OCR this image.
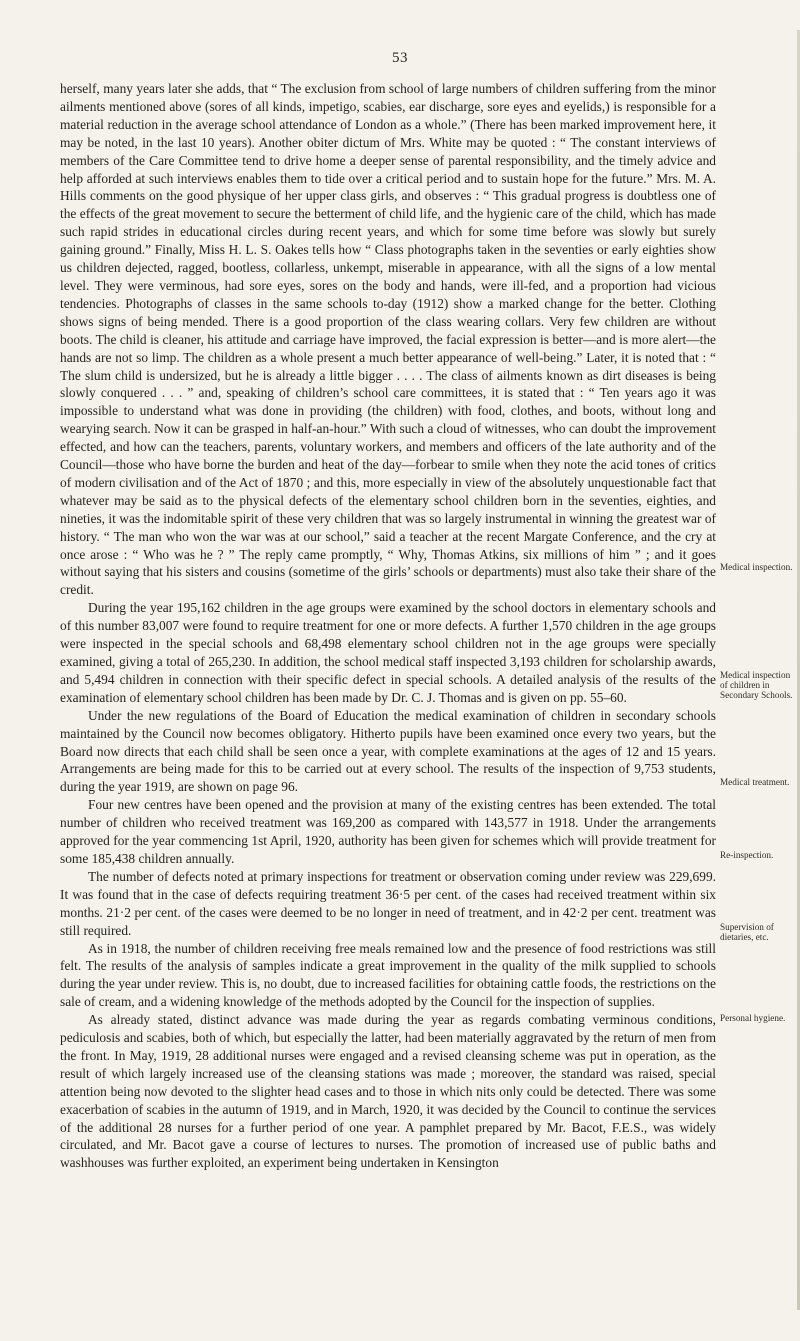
53

herself, many years later she adds, that “ The exclusion from school of large numbers of children suffering from the minor ailments mentioned above (sores of all kinds, impetigo, scabies, ear discharge, sore eyes and eyelids,) is responsible for a material reduction in the average school attendance of London as a whole.” (There has been marked improvement here, it may be noted, in the last 10 years). Another obiter dictum of Mrs. White may be quoted : “ The constant interviews of members of the Care Committee tend to drive home a deeper sense of parental responsibility, and the timely advice and help afforded at such interviews enables them to tide over a critical period and to sustain hope for the future.” Mrs. M. A. Hills comments on the good physique of her upper class girls, and observes : “ This gradual progress is doubtless one of the effects of the great movement to secure the betterment of child life, and the hygienic care of the child, which has made such rapid strides in educational circles during recent years, and which for some time before was slowly but surely gaining ground.” Finally, Miss H. L. S. Oakes tells how “ Class photographs taken in the seventies or early eighties show us children dejected, ragged, bootless, collarless, unkempt, miserable in appearance, with all the signs of a low mental level. They were verminous, had sore eyes, sores on the body and hands, were ill-fed, and a proportion had vicious tendencies. Photographs of classes in the same schools to-day (1912) show a marked change for the better. Clothing shows signs of being mended. There is a good proportion of the class wearing collars. Very few children are without boots. The child is cleaner, his attitude and carriage have improved, the facial expression is better—and is more alert—the hands are not so limp. The children as a whole present a much better appearance of well-being.” Later, it is noted that : “ The slum child is undersized, but he is already a little bigger . . . . The class of ailments known as dirt diseases is being slowly conquered . . . ” and, speaking of children’s school care committees, it is stated that : “ Ten years ago it was impossible to understand what was done in providing (the children) with food, clothes, and boots, without long and wearying search. Now it can be grasped in half-an-hour.” With such a cloud of witnesses, who can doubt the improvement effected, and how can the teachers, parents, voluntary workers, and members and officers of the late authority and of the Council—those who have borne the burden and heat of the day—forbear to smile when they note the acid tones of critics of modern civilisation and of the Act of 1870 ; and this, more especially in view of the absolutely unquestionable fact that whatever may be said as to the physical defects of the elementary school children born in the seventies, eighties, and nineties, it was the indomitable spirit of these very children that was so largely instrumental in winning the greatest war of history. “ The man who won the war was at our school,” said a teacher at the recent Margate Conference, and the cry at once arose : “ Who was he ? ” The reply came promptly, “ Why, Thomas Atkins, six millions of him ” ; and it goes without saying that his sisters and cousins (sometime of the girls’ schools or departments) must also take their share of the credit.

During the year 195,162 children in the age groups were examined by the school doctors in elementary schools and of this number 83,007 were found to require treatment for one or more defects. A further 1,570 children in the age groups were inspected in the special schools and 68,498 elementary school children not in the age groups were specially examined, giving a total of 265,230. In addition, the school medical staff inspected 3,193 children for scholarship awards, and 5,494 children in connection with their specific defect in special schools. A detailed analysis of the results of the examination of elementary school children has been made by Dr. C. J. Thomas and is given on pp. 55–60.

Under the new regulations of the Board of Education the medical examination of children in secondary schools maintained by the Council now becomes obligatory. Hitherto pupils have been examined once every two years, but the Board now directs that each child shall be seen once a year, with complete examinations at the ages of 12 and 15 years. Arrangements are being made for this to be carried out at every school. The results of the inspection of 9,753 students, during the year 1919, are shown on page 96.

Four new centres have been opened and the provision at many of the existing centres has been extended. The total number of children who received treatment was 169,200 as compared with 143,577 in 1918. Under the arrangements approved for the year commencing 1st April, 1920, authority has been given for schemes which will provide treatment for some 185,438 children annually.

The number of defects noted at primary inspections for treatment or observation coming under review was 229,699. It was found that in the case of defects requiring treatment 36·5 per cent. of the cases had received treatment within six months. 21·2 per cent. of the cases were deemed to be no longer in need of treatment, and in 42·2 per cent. treatment was still required.

As in 1918, the number of children receiving free meals remained low and the presence of food restrictions was still felt. The results of the analysis of samples indicate a great improvement in the quality of the milk supplied to schools during the year under review. This is, no doubt, due to increased facilities for obtaining cattle foods, the restrictions on the sale of cream, and a widening knowledge of the methods adopted by the Council for the inspection of supplies.

As already stated, distinct advance was made during the year as regards combating verminous conditions, pediculosis and scabies, both of which, but especially the latter, had been materially aggravated by the return of men from the front. In May, 1919, 28 additional nurses were engaged and a revised cleansing scheme was put in operation, as the result of which largely increased use of the cleansing stations was made ; moreover, the standard was raised, special attention being now devoted to the slighter head cases and to those in which nits only could be detected. There was some exacerbation of scabies in the autumn of 1919, and in March, 1920, it was decided by the Council to continue the services of the additional 28 nurses for a further period of one year. A pamphlet prepared by Mr. Bacot, F.E.S., was widely circulated, and Mr. Bacot gave a course of lectures to nurses. The promotion of increased use of public baths and washhouses was further exploited, an experiment being undertaken in Kensington

Medical inspection.
Medical inspection of children in Secondary Schools.
Medical treatment.
Re-inspection.
Supervision of dietaries, etc.
Personal hygiene.
